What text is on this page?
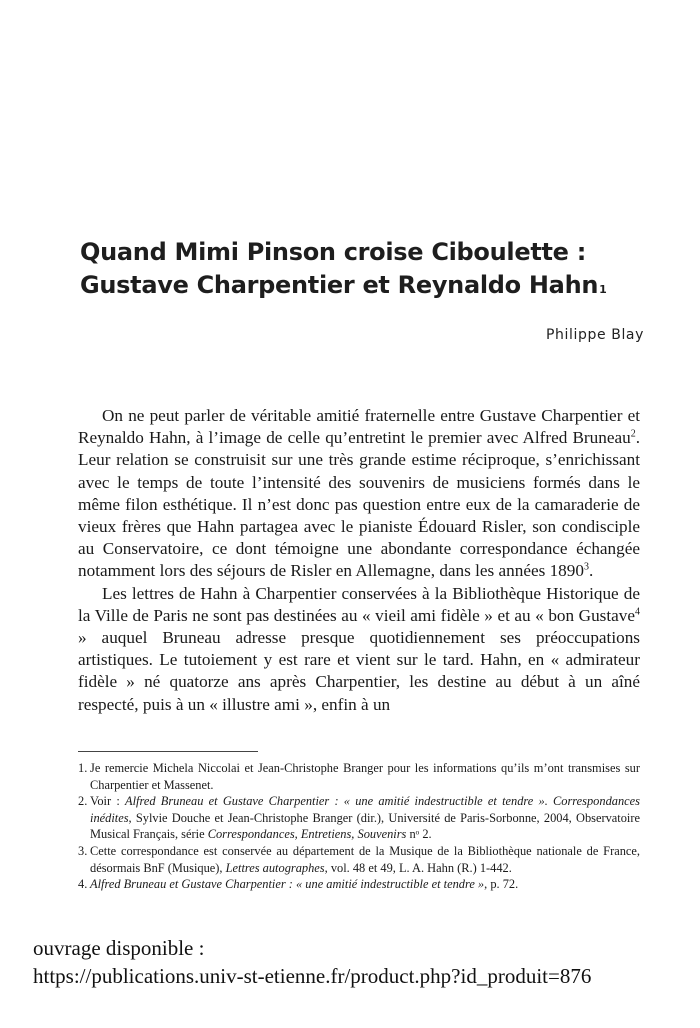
Quand Mimi Pinson croise Ciboulette :
Gustave Charpentier et Reynaldo Hahn$^1$
Philippe Blay

On ne peut parler de véritable amitié fraternelle entre Gustave Charpentier et Reynaldo Hahn, à l’image de celle qu’entretint le premier avec Alfred Bruneau$^2$. Leur relation se construisit sur une très grande estime réciproque, s’enrichissant avec le temps de toute l’intensité des souvenirs de musiciens formés dans le même filon esthétique. Il n’est donc pas question entre eux de la camaraderie de vieux frères que Hahn partagea avec le pianiste Édouard Risler, son condisciple au Conservatoire, ce dont témoigne une abondante correspondance échangée notamment lors des séjours de Risler en Allemagne, dans les années 1890$^3$.

Les lettres de Hahn à Charpentier conservées à la Bibliothèque Historique de la Ville de Paris ne sont pas destinées au « vieil ami fidèle » et au « bon Gustave$^4$ » auquel Bruneau adresse presque quotidiennement ses préoccupations artistiques. Le tutoiement y est rare et vient sur le tard. Hahn, en « admirateur fidèle » né quatorze ans après Charpentier, les destine au début à un aîné respecté, puis à un « illustre ami », enfin à un

1. Je remercie Michela Niccolai et Jean-Christophe Branger pour les informations qu’ils m’ont transmises sur Charpentier et Massenet.
2. Voir : Alfred Bruneau et Gustave Charpentier : « une amitié indestructible et tendre ». Correspondances inédites, Sylvie Douche et Jean-Christophe Branger (dir.), Université de Paris-Sorbonne, 2004, Observatoire Musical Français, série Correspondances, Entretiens, Souvenirs nᵒ 2.
3. Cette correspondance est conservée au département de la Musique de la Bibliothèque nationale de France, désormais BnF (Musique), Lettres autographes, vol. 48 et 49, L. A. Hahn (R.) 1-442.
4. Alfred Bruneau et Gustave Charpentier : « une amitié indestructible et tendre », p. 72.
ouvrage disponible :
https://publications.univ-st-etienne.fr/product.php?id_produit=876
